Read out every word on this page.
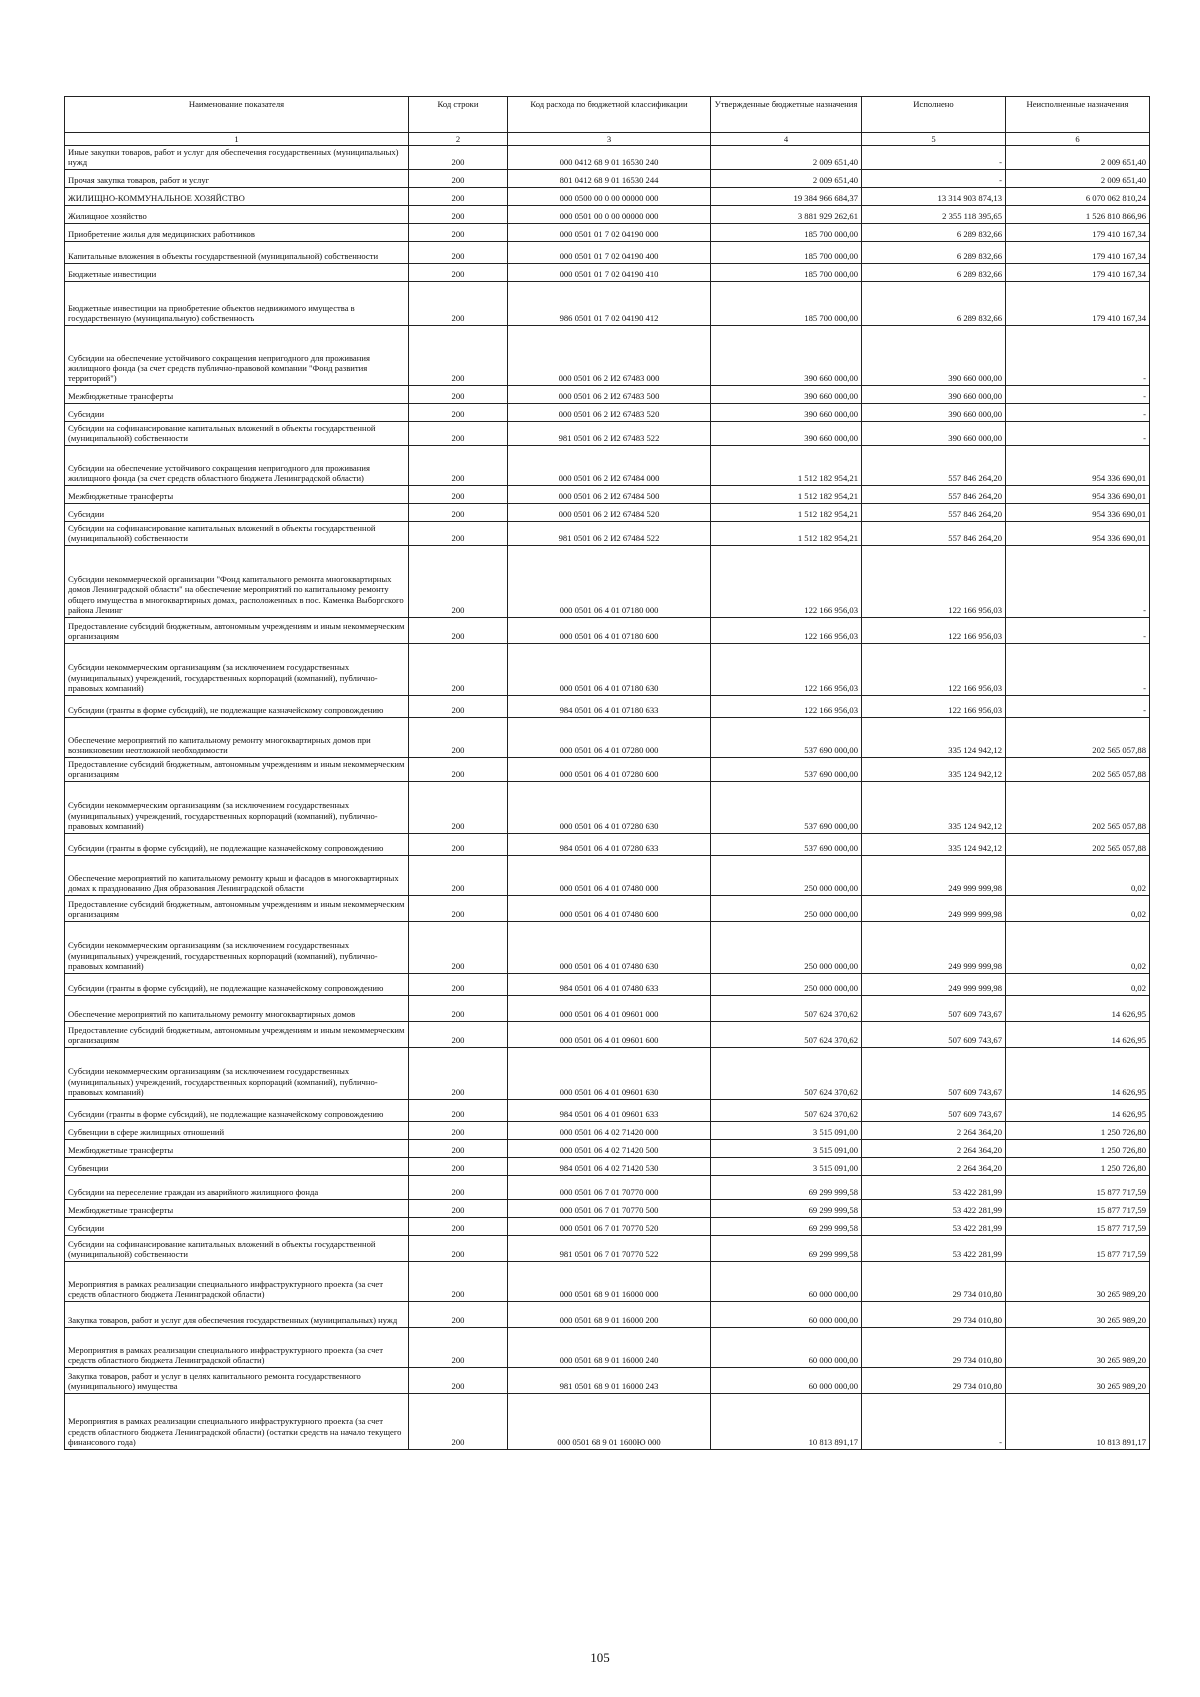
Наименование показателя	Код строки	Код расхода по бюджетной классификации	Утвержденные бюджетные назначения	Исполнено	Неисполненные назначения
1	2	3	4	5	6
Иные закупки товаров, работ и услуг для обеспечения государственных (муниципальных) нужд	200	000 0412 68 9 01 16530 240	2 009 651,40	-	2 009 651,40
Прочая закупка товаров, работ и услуг	200	801 0412 68 9 01 16530 244	2 009 651,40	-	2 009 651,40
ЖИЛИЩНО-КОММУНАЛЬНОЕ ХОЗЯЙСТВО	200	000 0500 00 0 00 00000 000	19 384 966 684,37	13 314 903 874,13	6 070 062 810,24
Жилищное хозяйство	200	000 0501 00 0 00 00000 000	3 881 929 262,61	2 355 118 395,65	1 526 810 866,96
Приобретение жилья для медицинских работников	200	000 0501 01 7 02 04190 000	185 700 000,00	6 289 832,66	179 410 167,34
Капитальные вложения в объекты государственной (муниципальной) собственности	200	000 0501 01 7 02 04190 400	185 700 000,00	6 289 832,66	179 410 167,34
Бюджетные инвестиции	200	000 0501 01 7 02 04190 410	185 700 000,00	6 289 832,66	179 410 167,34
Бюджетные инвестиции на приобретение объектов недвижимого имущества в государственную (муниципальную) собственность	200	986 0501 01 7 02 04190 412	185 700 000,00	6 289 832,66	179 410 167,34
Субсидии на обеспечение устойчивого сокращения непригодного для проживания жилищного фонда (за счет средств публично-правовой компании "Фонд развития территорий")	200	000 0501 06 2 И2 67483 000	390 660 000,00	390 660 000,00	-
Межбюджетные трансферты	200	000 0501 06 2 И2 67483 500	390 660 000,00	390 660 000,00	-
Субсидии	200	000 0501 06 2 И2 67483 520	390 660 000,00	390 660 000,00	-
Субсидии на софинансирование капитальных вложений в объекты государственной (муниципальной) собственности	200	981 0501 06 2 И2 67483 522	390 660 000,00	390 660 000,00	-
Субсидии на обеспечение устойчивого сокращения непригодного для проживания жилищного фонда (за счет средств областного бюджета Ленинградской области)	200	000 0501 06 2 И2 67484 000	1 512 182 954,21	557 846 264,20	954 336 690,01
Межбюджетные трансферты	200	000 0501 06 2 И2 67484 500	1 512 182 954,21	557 846 264,20	954 336 690,01
Субсидии	200	000 0501 06 2 И2 67484 520	1 512 182 954,21	557 846 264,20	954 336 690,01
Субсидии на софинансирование капитальных вложений в объекты государственной (муниципальной) собственности	200	981 0501 06 2 И2 67484 522	1 512 182 954,21	557 846 264,20	954 336 690,01
Субсидии некоммерческой организации "Фонд капитального ремонта многоквартирных домов Ленинградской области" на обеспечение мероприятий по капитальному ремонту общего имущества в многоквартирных домах, расположенных в пос. Каменка Выборгского района Ленинг	200	000 0501 06 4 01 07180 000	122 166 956,03	122 166 956,03	-
Предоставление субсидий бюджетным, автономным учреждениям и иным некоммерческим организациям	200	000 0501 06 4 01 07180 600	122 166 956,03	122 166 956,03	-
Субсидии некоммерческим организациям (за исключением государственных (муниципальных) учреждений, государственных корпораций (компаний), публично-правовых компаний)	200	000 0501 06 4 01 07180 630	122 166 956,03	122 166 956,03	-
Субсидии (гранты в форме субсидий), не подлежащие казначейскому сопровождению	200	984 0501 06 4 01 07180 633	122 166 956,03	122 166 956,03	-
Обеспечение мероприятий по капитальному ремонту многоквартирных домов при возникновении неотложной необходимости	200	000 0501 06 4 01 07280 000	537 690 000,00	335 124 942,12	202 565 057,88
Предоставление субсидий бюджетным, автономным учреждениям и иным некоммерческим организациям	200	000 0501 06 4 01 07280 600	537 690 000,00	335 124 942,12	202 565 057,88
Субсидии некоммерческим организациям (за исключением государственных (муниципальных) учреждений, государственных корпораций (компаний), публично-правовых компаний)	200	000 0501 06 4 01 07280 630	537 690 000,00	335 124 942,12	202 565 057,88
Субсидии (гранты в форме субсидий), не подлежащие казначейскому сопровождению	200	984 0501 06 4 01 07280 633	537 690 000,00	335 124 942,12	202 565 057,88
Обеспечение мероприятий по капитальному ремонту крыш и фасадов в многоквартирных домах к празднованию Дня образования Ленинградской области	200	000 0501 06 4 01 07480 000	250 000 000,00	249 999 999,98	0,02
Предоставление субсидий бюджетным, автономным учреждениям и иным некоммерческим организациям	200	000 0501 06 4 01 07480 600	250 000 000,00	249 999 999,98	0,02
Субсидии некоммерческим организациям (за исключением государственных (муниципальных) учреждений, государственных корпораций (компаний), публично-правовых компаний)	200	000 0501 06 4 01 07480 630	250 000 000,00	249 999 999,98	0,02
Субсидии (гранты в форме субсидий), не подлежащие казначейскому сопровождению	200	984 0501 06 4 01 07480 633	250 000 000,00	249 999 999,98	0,02
Обеспечение мероприятий по капитальному ремонту многоквартирных домов	200	000 0501 06 4 01 09601 000	507 624 370,62	507 609 743,67	14 626,95
Предоставление субсидий бюджетным, автономным учреждениям и иным некоммерческим организациям	200	000 0501 06 4 01 09601 600	507 624 370,62	507 609 743,67	14 626,95
Субсидии некоммерческим организациям (за исключением государственных (муниципальных) учреждений, государственных корпораций (компаний), публично-правовых компаний)	200	000 0501 06 4 01 09601 630	507 624 370,62	507 609 743,67	14 626,95
Субсидии (гранты в форме субсидий), не подлежащие казначейскому сопровождению	200	984 0501 06 4 01 09601 633	507 624 370,62	507 609 743,67	14 626,95
Субвенции в сфере жилищных отношений	200	000 0501 06 4 02 71420 000	3 515 091,00	2 264 364,20	1 250 726,80
Межбюджетные трансферты	200	000 0501 06 4 02 71420 500	3 515 091,00	2 264 364,20	1 250 726,80
Субвенции	200	984 0501 06 4 02 71420 530	3 515 091,00	2 264 364,20	1 250 726,80
Субсидии на переселение граждан из аварийного жилищного фонда	200	000 0501 06 7 01 70770 000	69 299 999,58	53 422 281,99	15 877 717,59
Межбюджетные трансферты	200	000 0501 06 7 01 70770 500	69 299 999,58	53 422 281,99	15 877 717,59
Субсидии	200	000 0501 06 7 01 70770 520	69 299 999,58	53 422 281,99	15 877 717,59
Субсидии на софинансирование капитальных вложений в объекты государственной (муниципальной) собственности	200	981 0501 06 7 01 70770 522	69 299 999,58	53 422 281,99	15 877 717,59
Мероприятия в рамках реализации специального инфраструктурного проекта (за счет средств областного бюджета Ленинградской области)	200	000 0501 68 9 01 16000 000	60 000 000,00	29 734 010,80	30 265 989,20
Закупка товаров, работ и услуг для обеспечения государственных (муниципальных) нужд	200	000 0501 68 9 01 16000 200	60 000 000,00	29 734 010,80	30 265 989,20
Мероприятия в рамках реализации специального инфраструктурного проекта (за счет средств областного бюджета Ленинградской области)	200	000 0501 68 9 01 16000 240	60 000 000,00	29 734 010,80	30 265 989,20
Закупка товаров, работ и услуг в целях капитального ремонта государственного (муниципального) имущества	200	981 0501 68 9 01 16000 243	60 000 000,00	29 734 010,80	30 265 989,20
Мероприятия в рамках реализации специального инфраструктурного проекта (за счет средств областного бюджета Ленинградской области) (остатки средств на начало текущего финансового года)	200	000 0501 68 9 01 1600Ю 000	10 813 891,17	-	10 813 891,17
105
